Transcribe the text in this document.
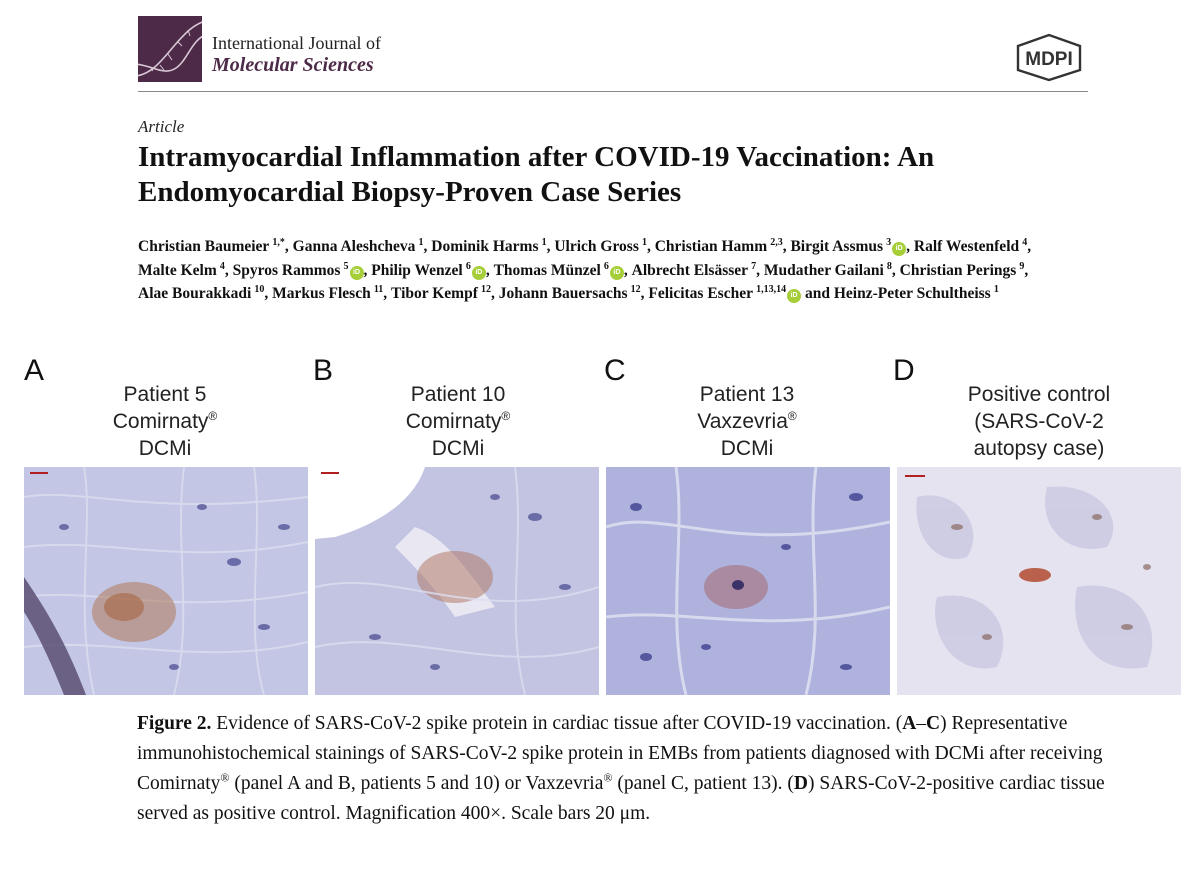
International Journal of
Molecular Sciences	MDPI
Article
Intramyocardial Inflammation after COVID-19 Vaccination: An Endomyocardial Biopsy-Proven Case Series

Christian Baumeier  $^{1,*}$, Ganna Aleshcheva  $^1$, Dominik Harms  $^1$, Ulrich Gross  $^1$, Christian Hamm  $^{2,3}$, Birgit Assmus  $^3$iD , Ralf Westenfeld  $^4$, Malte Kelm  $^4$, Spyros Rammos  $^5$iD , Philip Wenzel  $^6$iD , Thomas Münzel  $^6$iD , Albrecht Elsässer  $^7$, Mudather Gailani  $^8$, Christian Perings  $^9$, Alae Bourakkadi  $^{10}$, Markus Flesch  $^{11}$, Tibor Kempf  $^{12}$, Johann Bauersachs  $^{12}$, Felicitas Escher  $^{1,13,14}$iD and Heinz-Peter Schultheiss  $^1$

A	B	C	D
Patient 5
Comirnaty®
DCMi
Patient 10
Comirnaty®
DCMi
Patient 13
Vaxzevria®
DCMi
Positive control
(SARS-CoV-2
autopsy case)

Figure 2. Evidence of SARS-CoV-2 spike protein in cardiac tissue after COVID-19 vaccination. (A–C) Representative immunohistochemical stainings of SARS-CoV-2 spike protein in EMBs from patients diagnosed with DCMi after receiving Comirnaty® (panel A and B, patients 5 and 10) or Vaxzevria® (panel C, patient 13). (D) SARS-CoV-2-positive cardiac tissue served as positive control. Magnification 400×. Scale bars 20 μm.
